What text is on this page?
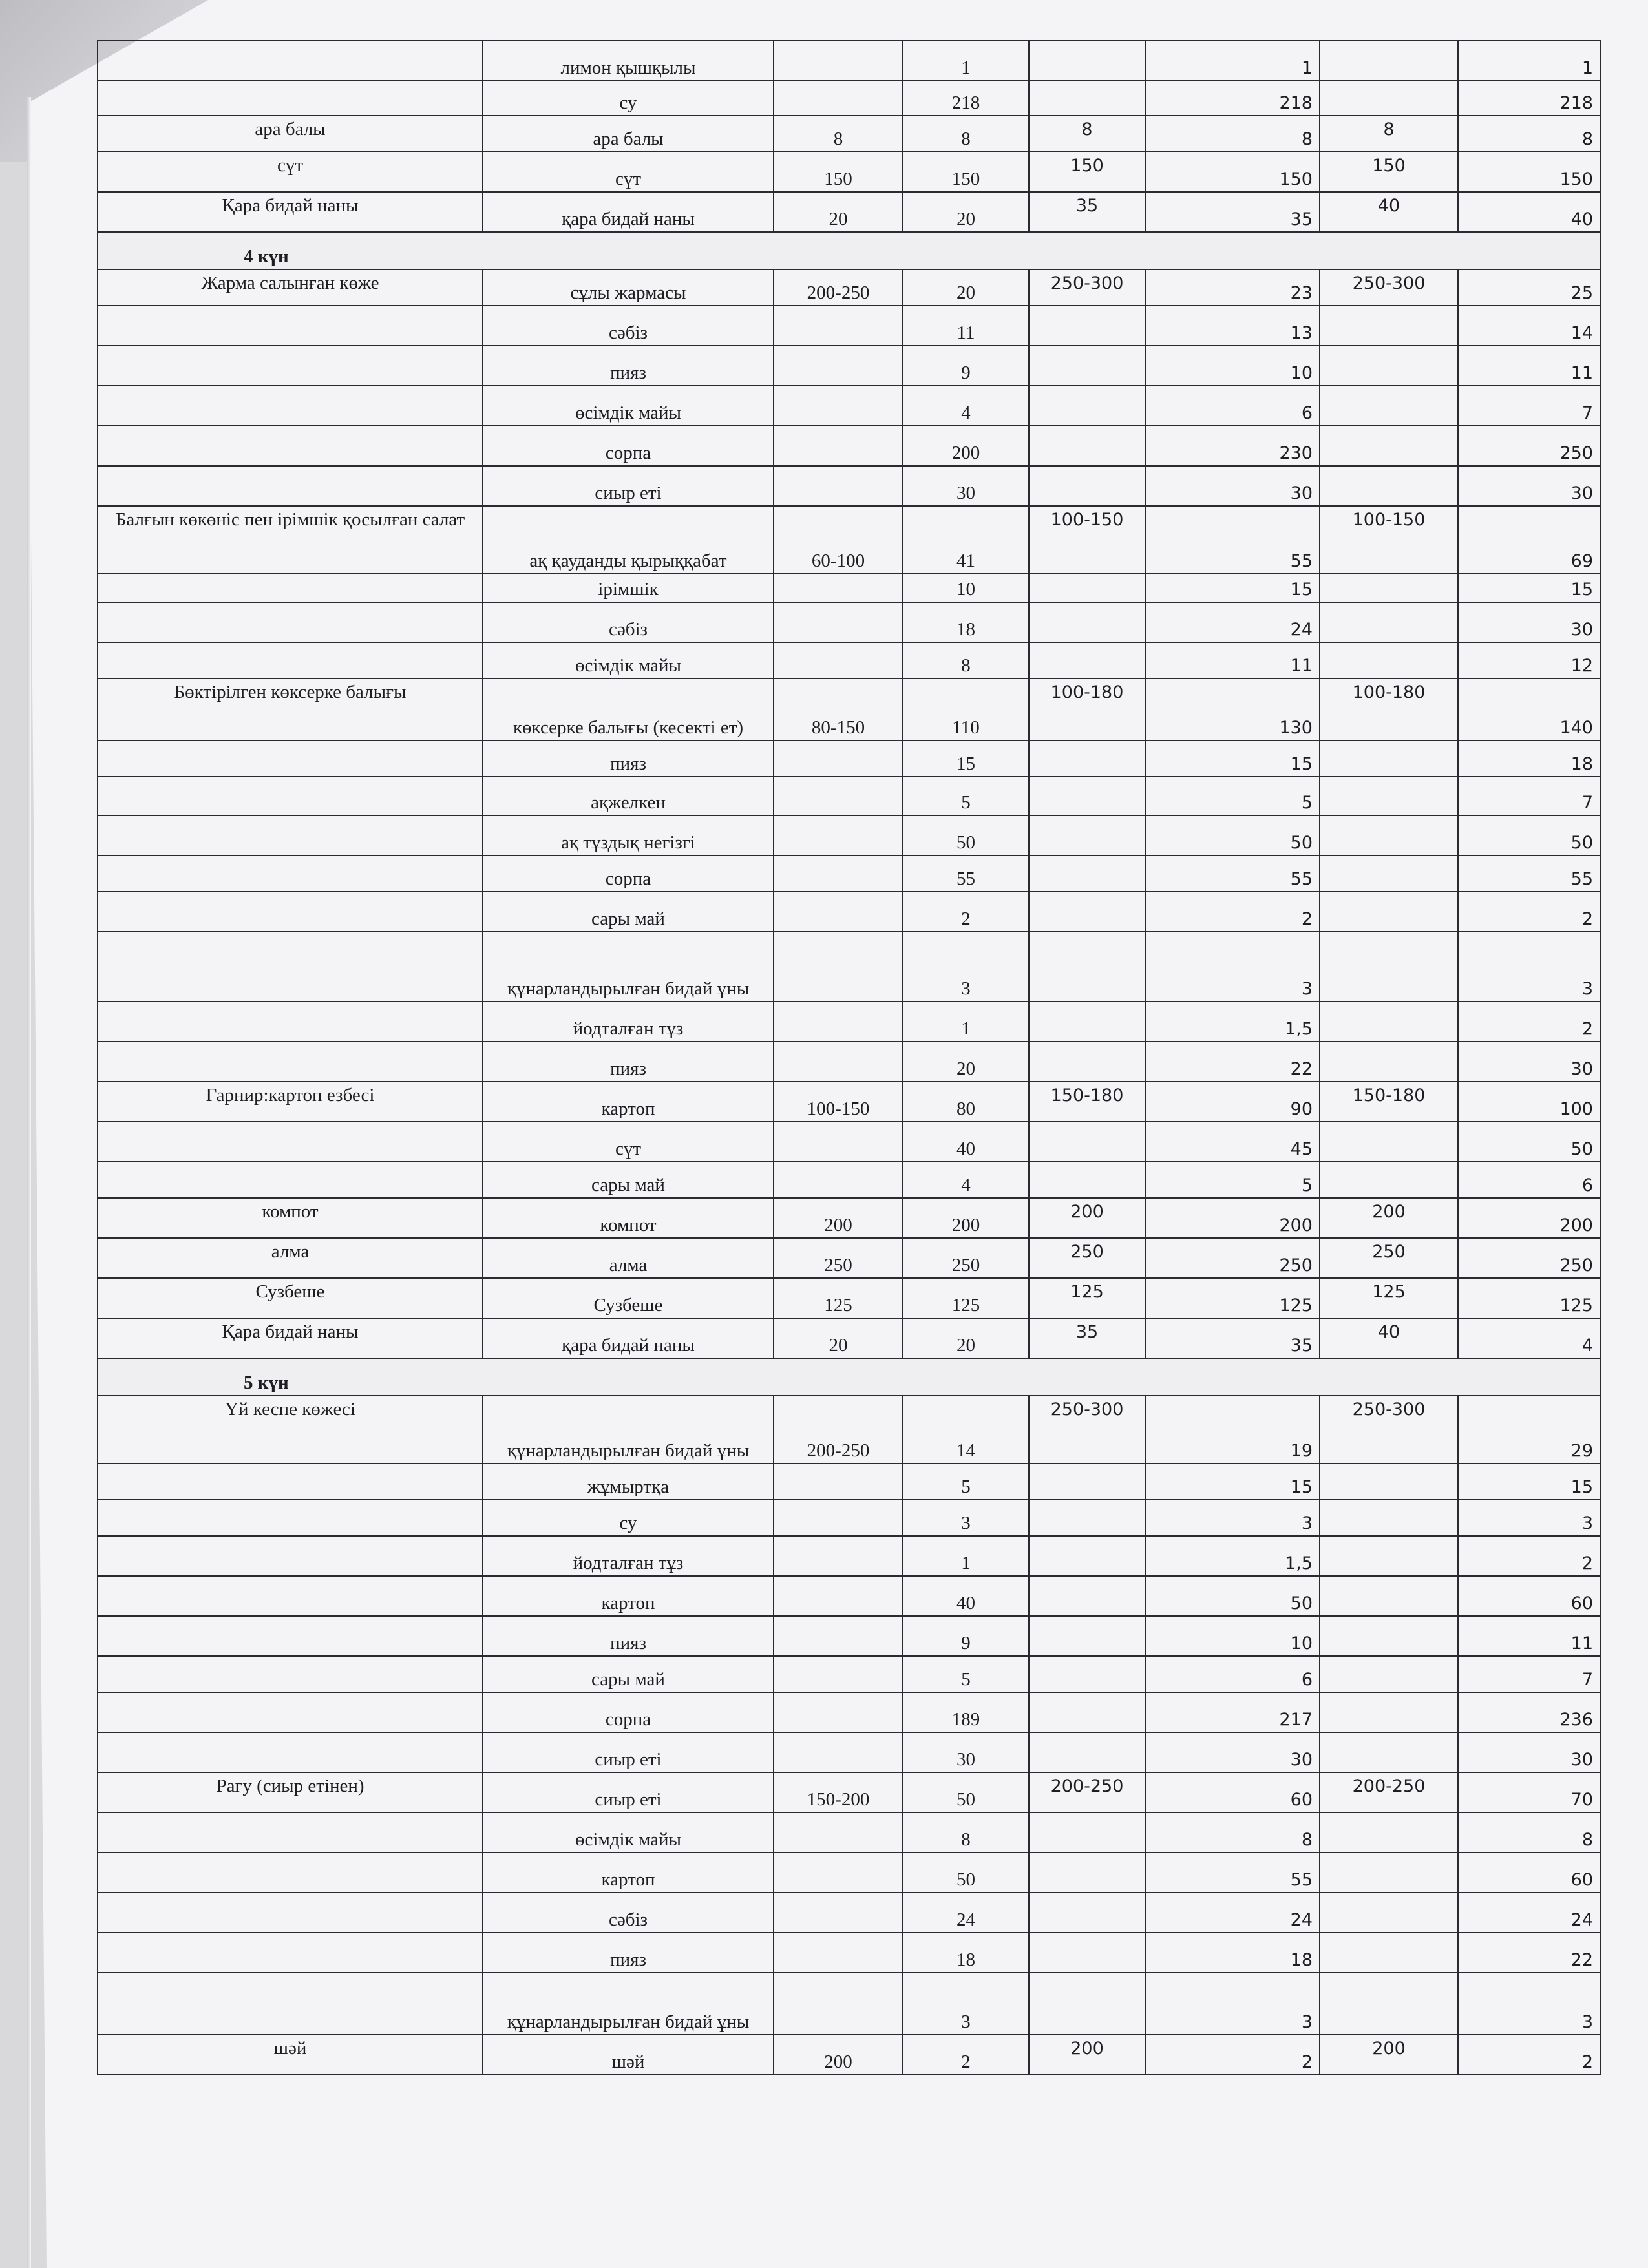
	лимон қышқылы		1		1		1
	су		218		218		218
ара балы	ара балы	8	8	8	8	8	8
сүт	сүт	150	150	150	150	150	150
Қара бидай наны	қара бидай наны	20	20	35	35	40	40
4 күн							
Жарма салынған көже	сұлы жармасы	200-250	20	250-300	23	250-300	25
	сәбіз		11		13		14
	пияз		9		10		11
	өсімдік майы		4		6		7
	сорпа		200		230		250
	сиыр еті		30		30		30
Балғын көкөніс пен ірімшік қосылған салат	ақ қауданды қырыққабат	60-100	41	100-150	55	100-150	69
	ірімшік		10		15		15
	сәбіз		18		24		30
	өсімдік майы		8		11		12
Бөктірілген көксерке балығы	көксерке балығы (кесекті ет)	80-150	110	100-180	130	100-180	140
	пияз		15		15		18
	ақжелкен		5		5		7
	ақ тұздық негізгі		50		50		50
	сорпа		55		55		55
	сары май		2		2		2
	құнарландырылған бидай ұны		3		3		3
	йодталған тұз		1		1,5		2
	пияз		20		22		30
Гарнир:картоп езбесі	картоп	100-150	80	150-180	90	150-180	100
	сүт		40		45		50
	сары май		4		5		6
компот	компот	200	200	200	200	200	200
алма	алма	250	250	250	250	250	250
Сузбеше	Сузбеше	125	125	125	125	125	125
Қара бидай наны	қара бидай наны	20	20	35	35	40	4
5 күн							
Үй кеспе көжесі	құнарландырылған бидай ұны	200-250	14	250-300	19	250-300	29
	жұмыртқа		5		15		15
	су		3		3		3
	йодталған тұз		1		1,5		2
	картоп		40		50		60
	пияз		9		10		11
	сары май		5		6		7
	сорпа		189		217		236
	сиыр еті		30		30		30
Рагу (сиыр етінен)	сиыр еті	150-200	50	200-250	60	200-250	70
	өсімдік майы		8		8		8
	картоп		50		55		60
	сәбіз		24		24		24
	пияз		18		18		22
	құнарландырылған бидай ұны		3		3		3
шәй	шәй	200	2	200	2	200	2
